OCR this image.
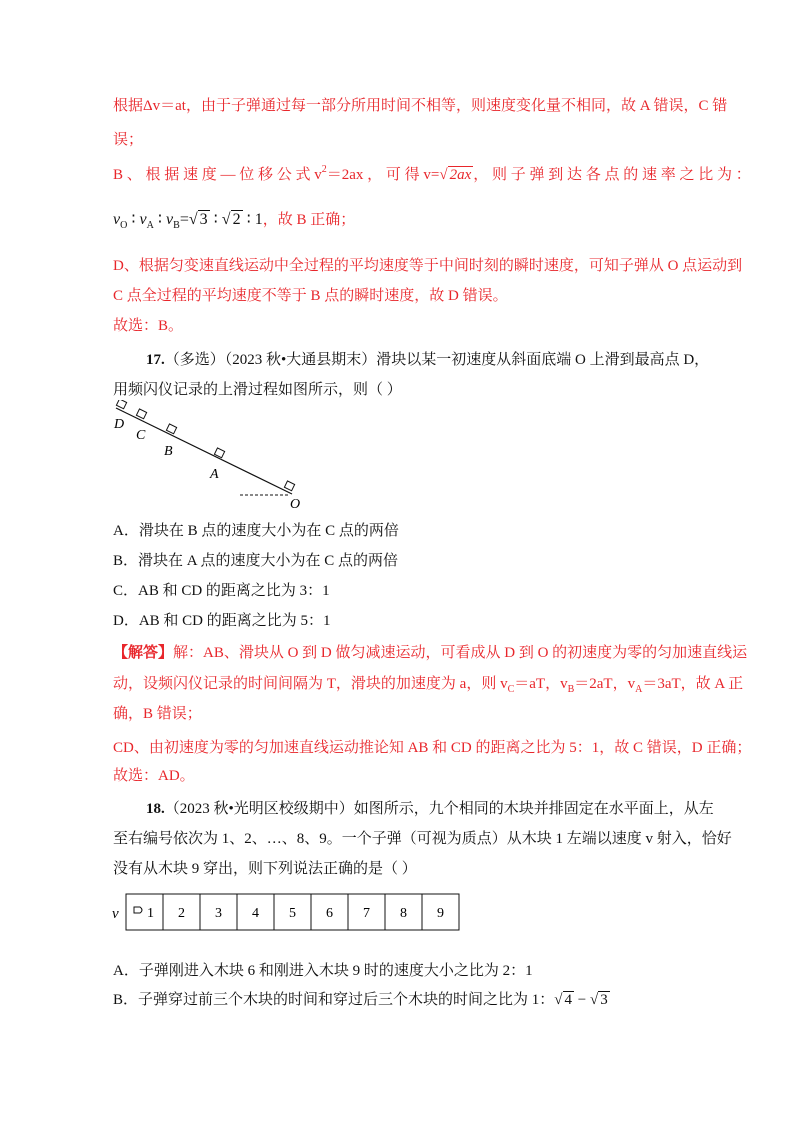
根据Δv＝at，由于子弹通过每一部分所用时间不相等，则速度变化量不相同，故 A 错误，C 错
误；
B 、 根 据 速 度 — 位 移 公 式 $v^2=2ax$ ， 可 得 v=√ 2ax ， 则 子 弹 到 达 各 点 的 速 率 之 比 为 ：
$v_O$ ∶ $v_A$ ∶ $v_B=√$ 3 ∶ √ 2 ∶ 1，故 B 正确；
D、根据匀变速直线运动中全过程的平均速度等于中间时刻的瞬时速度，可知子弹从 O 点运动到
C 点全过程的平均速度不等于 B 点的瞬时速度，故 D 错误。
故选：B。
17.（多选）（2023 秋•大通县期末）滑块以某一初速度从斜面底端 O 上滑到最高点 D，
用频闪仪记录的上滑过程如图所示，则（ ）
D
C
B
A
O
A．滑块在 B 点的速度大小为在 C 点的两倍
B．滑块在 A 点的速度大小为在 C 点的两倍
C．AB 和 CD 的距离之比为 3：1
D．AB 和 CD 的距离之比为 5：1
【解答】解：AB、滑块从 O 到 D 做匀减速运动，可看成从 D 到 O 的初速度为零的匀加速直线运
动，设频闪仪记录的时间间隔为 T，滑块的加速度为 a，则 $v_C=aT$，$v_B=2aT$，$v_A=3aT$，故 A 正
确，B 错误；
CD、由初速度为零的匀加速直线运动推论知 AB 和 CD 的距离之比为 5：1，故 C 错误，D 正确；
故选：AD。
18.（2023 秋•光明区校级期中）如图所示，九个相同的木块并排固定在水平面上，从左
至右编号依次为 1、2、…、8、9。一个子弹（可视为质点）从木块 1 左端以速度 v 射入，恰好
没有从木块 9 穿出，则下列说法正确的是（ ）
v 1 2 3 4 5 6 7 8 9
A．子弹刚进入木块 6 和刚进入木块 9 时的速度大小之比为 2：1
B．子弹穿过前三个木块的时间和穿过后三个木块的时间之比为 1：√ 4 − √ 3
